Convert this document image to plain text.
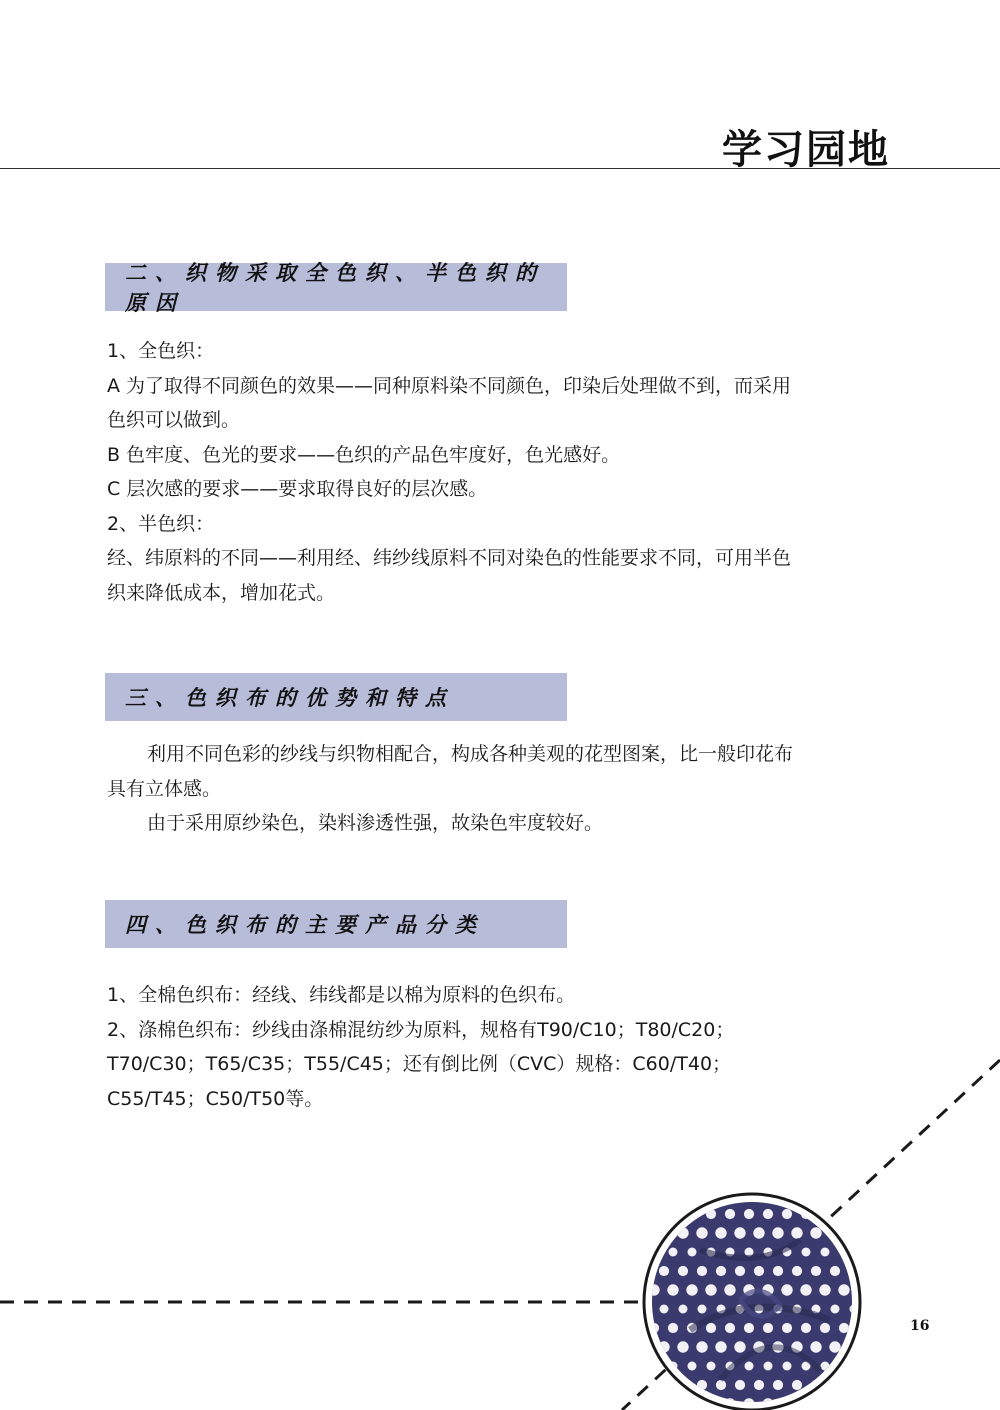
学习园地
二、织物采取全色织、半色织的原因
1、全色织：
A 为了取得不同颜色的效果——同种原料染不同颜色，印染后处理做不到，而采用
色织可以做到。
B 色牢度、色光的要求——色织的产品色牢度好，色光感好。
C 层次感的要求——要求取得良好的层次感。
2、半色织：
经、纬原料的不同——利用经、纬纱线原料不同对染色的性能要求不同，可用半色
织来降低成本，增加花式。
三、色织布的优势和特点
利用不同色彩的纱线与织物相配合，构成各种美观的花型图案，比一般印花布
具有立体感。
由于采用原纱染色，染料渗透性强，故染色牢度较好。
四、色织布的主要产品分类
1、全棉色织布：经线、纬线都是以棉为原料的色织布。
2、涤棉色织布：纱线由涤棉混纺纱为原料，规格有T90/C10；T80/C20；
T70/C30；T65/C35；T55/C45；还有倒比例（CVC）规格：C60/T40；
C55/T45；C50/T50等。
16
